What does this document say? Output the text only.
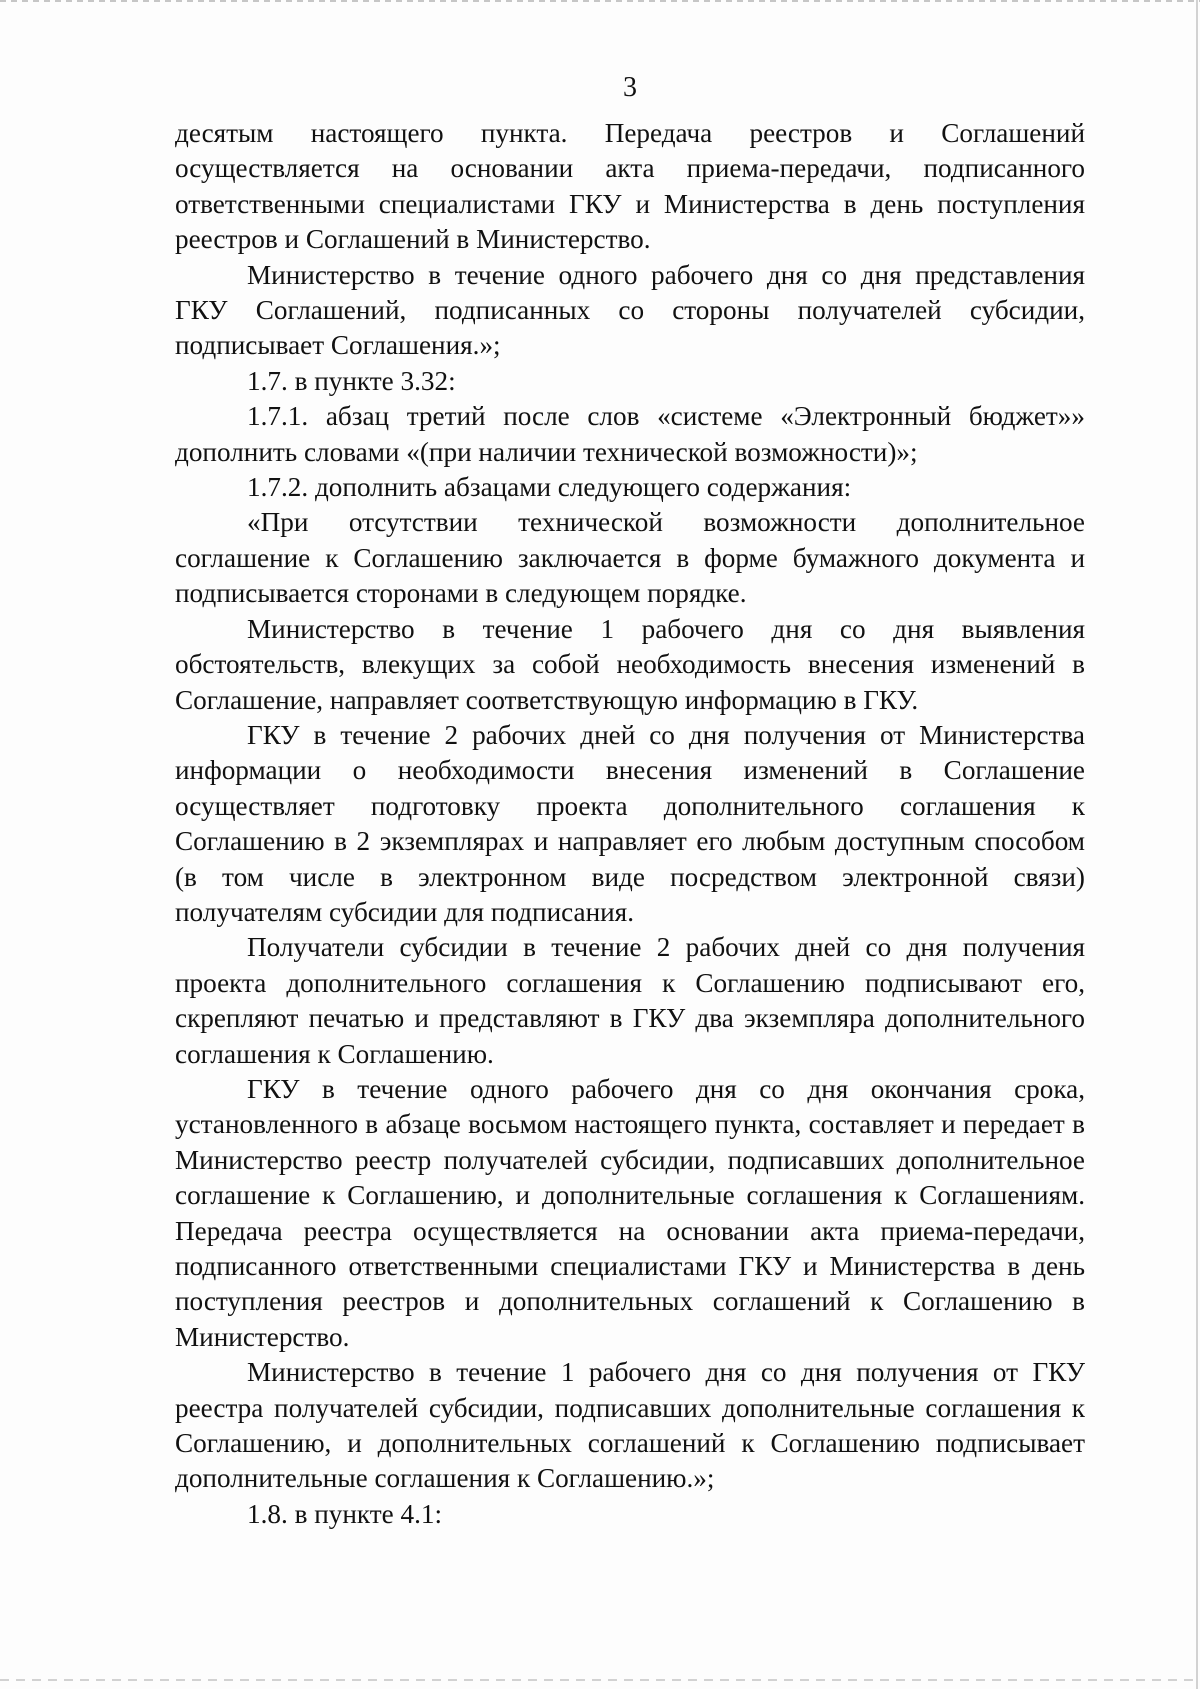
3

десятым настоящего пункта. Передача реестров и Соглашений осуществляется на основании акта приема-передачи, подписанного ответственными специалистами ГКУ и Министерства в день поступления реестров и Соглашений в Министерство.

Министерство в течение одного рабочего дня со дня представления ГКУ Соглашений, подписанных со стороны получателей субсидии, подписывает Соглашения.»;

1.7. в пункте 3.32:

1.7.1. абзац третий после слов «системе «Электронный бюджет»» дополнить словами «(при наличии технической возможности)»;

1.7.2. дополнить абзацами следующего содержания:

«При отсутствии технической возможности дополнительное соглашение к Соглашению заключается в форме бумажного документа и подписывается сторонами в следующем порядке.

Министерство в течение 1 рабочего дня со дня выявления обстоятельств, влекущих за собой необходимость внесения изменений в Соглашение, направляет соответствующую информацию в ГКУ.

ГКУ в течение 2 рабочих дней со дня получения от Министерства информации о необходимости внесения изменений в Соглашение осуществляет подготовку проекта дополнительного соглашения к Соглашению в 2 экземплярах и направляет его любым доступным способом (в том числе в электронном виде посредством электронной связи) получателям субсидии для подписания.

Получатели субсидии в течение 2 рабочих дней со дня получения проекта дополнительного соглашения к Соглашению подписывают его, скрепляют печатью и представляют в ГКУ два экземпляра дополнительного соглашения к Соглашению.

ГКУ в течение одного рабочего дня со дня окончания срока, установленного в абзаце восьмом настоящего пункта, составляет и передает в Министерство реестр получателей субсидии, подписавших дополнительное соглашение к Соглашению, и дополнительные соглашения к Соглашениям. Передача реестра осуществляется на основании акта приема-передачи, подписанного ответственными специалистами ГКУ и Министерства в день поступления реестров и дополнительных соглашений к Соглашению в Министерство.

Министерство в течение 1 рабочего дня со дня получения от ГКУ реестра получателей субсидии, подписавших дополнительные соглашения к Соглашению, и дополнительных соглашений к Соглашению подписывает дополнительные соглашения к Соглашению.»;

1.8. в пункте 4.1:
